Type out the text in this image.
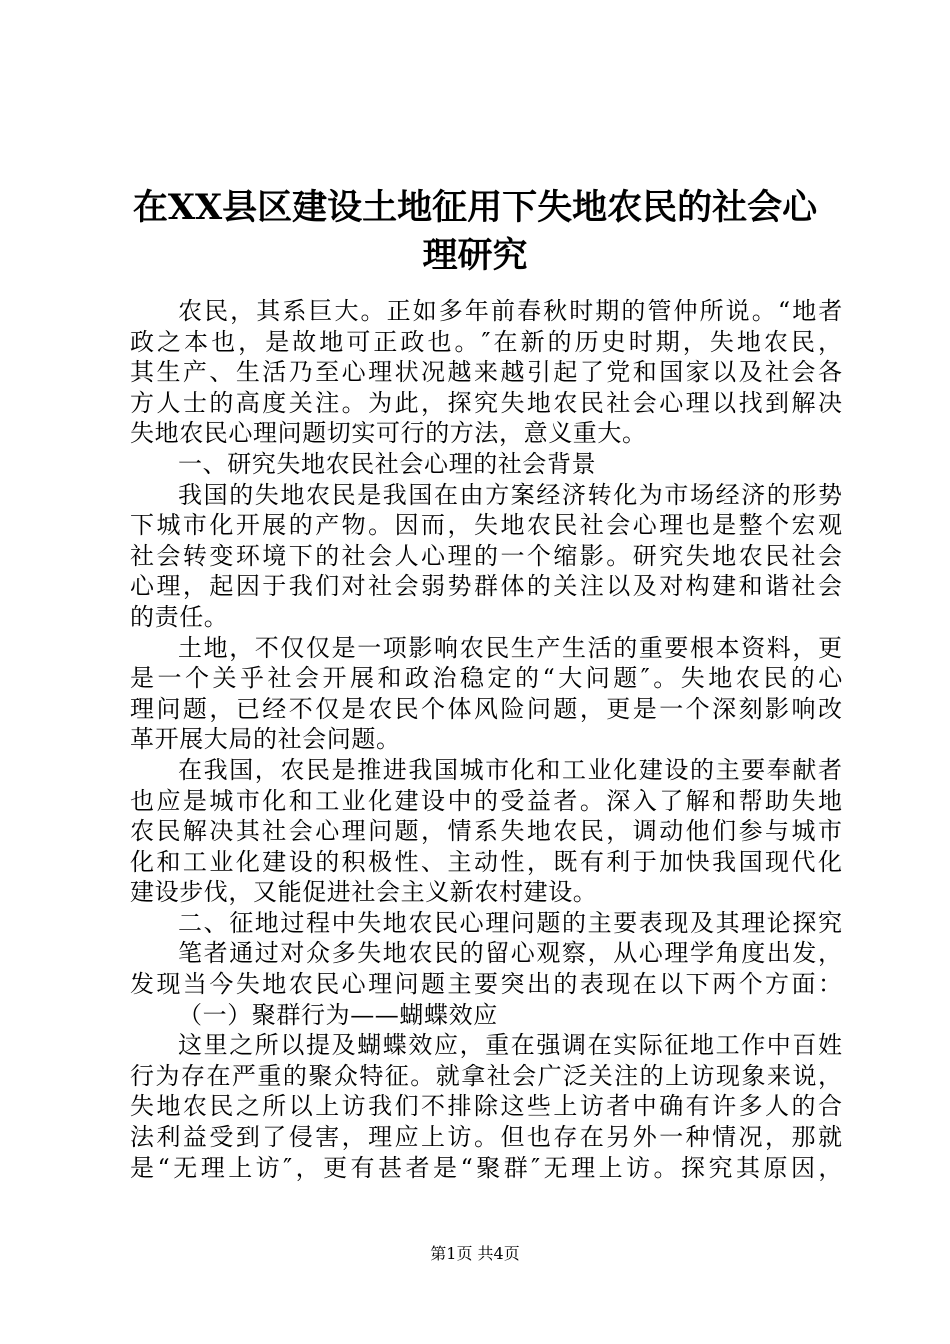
在XX县区建设土地征用下失地农民的社会心
理研究
农民，其系巨大。正如多年前春秋时期的管仲所说。“地者
政之本也，是故地可正政也。″在新的历史时期，失地农民，
其生产、生活乃至心理状况越来越引起了党和国家以及社会各
方人士的高度关注。为此，探究失地农民社会心理以找到解决
失地农民心理问题切实可行的方法，意义重大。
一、研究失地农民社会心理的社会背景
我国的失地农民是我国在由方案经济转化为市场经济的形势
下城市化开展的产物。因而，失地农民社会心理也是整个宏观
社会转变环境下的社会人心理的一个缩影。研究失地农民社会
心理，起因于我们对社会弱势群体的关注以及对构建和谐社会
的责任。
土地，不仅仅是一项影响农民生产生活的重要根本资料，更
是一个关乎社会开展和政治稳定的“大问题″。失地农民的心
理问题，已经不仅是农民个体风险问题，更是一个深刻影响改
革开展大局的社会问题。
在我国，农民是推进我国城市化和工业化建设的主要奉献者
也应是城市化和工业化建设中的受益者。深入了解和帮助失地
农民解决其社会心理问题，情系失地农民，调动他们参与城市
化和工业化建设的积极性、主动性，既有利于加快我国现代化
建设步伐，又能促进社会主义新农村建设。
二、征地过程中失地农民心理问题的主要表现及其理论探究
笔者通过对众多失地农民的留心观察，从心理学角度出发，
发现当今失地农民心理问题主要突出的表现在以下两个方面：
（一）聚群行为——蝴蝶效应
这里之所以提及蝴蝶效应，重在强调在实际征地工作中百姓
行为存在严重的聚众特征。就拿社会广泛关注的上访现象来说，
失地农民之所以上访我们不排除这些上访者中确有许多人的合
法利益受到了侵害，理应上访。但也存在另外一种情况，那就
是“无理上访″，更有甚者是“聚群″无理上访。探究其原因，
第1页 共4页
